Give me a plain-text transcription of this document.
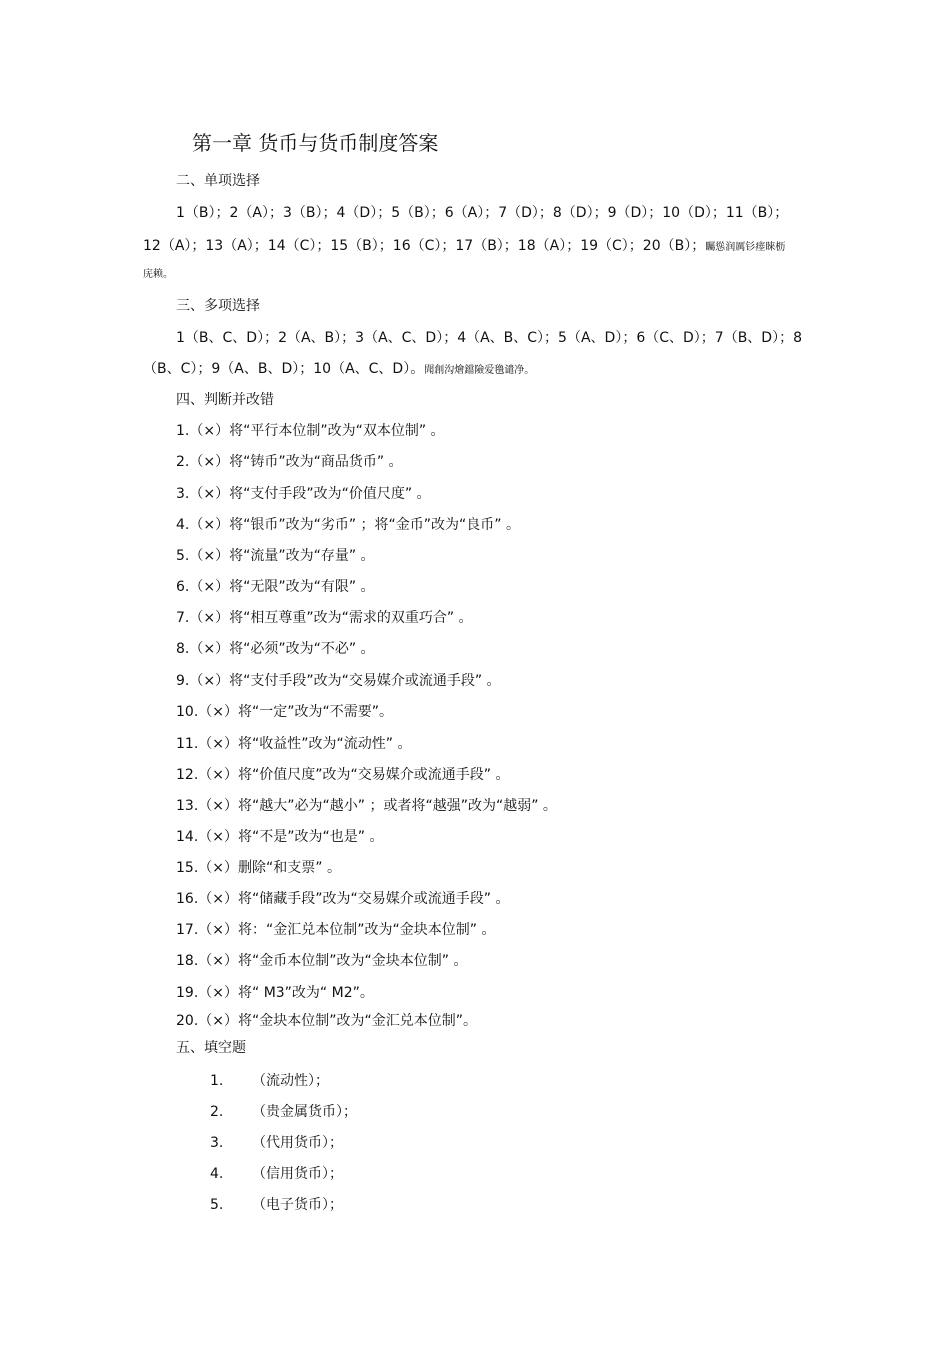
第一章 货币与货币制度答案
二、单项选择
1（B）；2（A）；3（B）；4（D）；5（B）；6（A）；7（D）；8（D）；9（D）；10（D）；11（B）；
12（A）；13（A）；14（C）；15（B）；16（C）；17（B）；18（A）；19（C）；20（B）；矚慫润厲钐瘗睞枥
庑赖。
三、多项选择
1（B、C、D）；2（A、B）；3（A、C、D）；4（A、B、C）；5（A、D）；6（C、D）；7（B、D）；8
（B、C）；9（A、B、D）；10（A、C、D）。聞創沟燴鐺險爱氇谴净。
四、判断并改错
1.（×）将“平行本位制”改为“双本位制” 。
2.（×）将“铸币”改为“商品货币” 。
3.（×）将“支付手段”改为“价值尺度” 。
4.（×）将“银币”改为“劣币” ；将“金币”改为“良币” 。
5.（×）将“流量”改为“存量” 。
6.（×）将“无限”改为“有限” 。
7.（×）将“相互尊重”改为“需求的双重巧合” 。
8.（×）将“必须”改为“不必” 。
9.（×）将“支付手段”改为“交易媒介或流通手段” 。
10.（×）将“一定”改为“不需要”。
11.（×）将“收益性”改为“流动性” 。
12.（×）将“价值尺度”改为“交易媒介或流通手段” 。
13.（×）将“越大”必为“越小” ；或者将“越强”改为“越弱” 。
14.（×）将“不是”改为“也是” 。
15.（×）删除“和支票” 。
16.（×）将“储藏手段”改为“交易媒介或流通手段” 。
17.（×）将：“金汇兑本位制”改为“金块本位制” 。
18.（×）将“金币本位制”改为“金块本位制” 。
19.（×）将“ M3”改为“ M2”。
20.（×）将“金块本位制”改为“金汇兑本位制”。
五、填空题
1. （流动性）；
2. （贵金属货币）；
3. （代用货币）；
4. （信用货币）；
5. （电子货币）；
